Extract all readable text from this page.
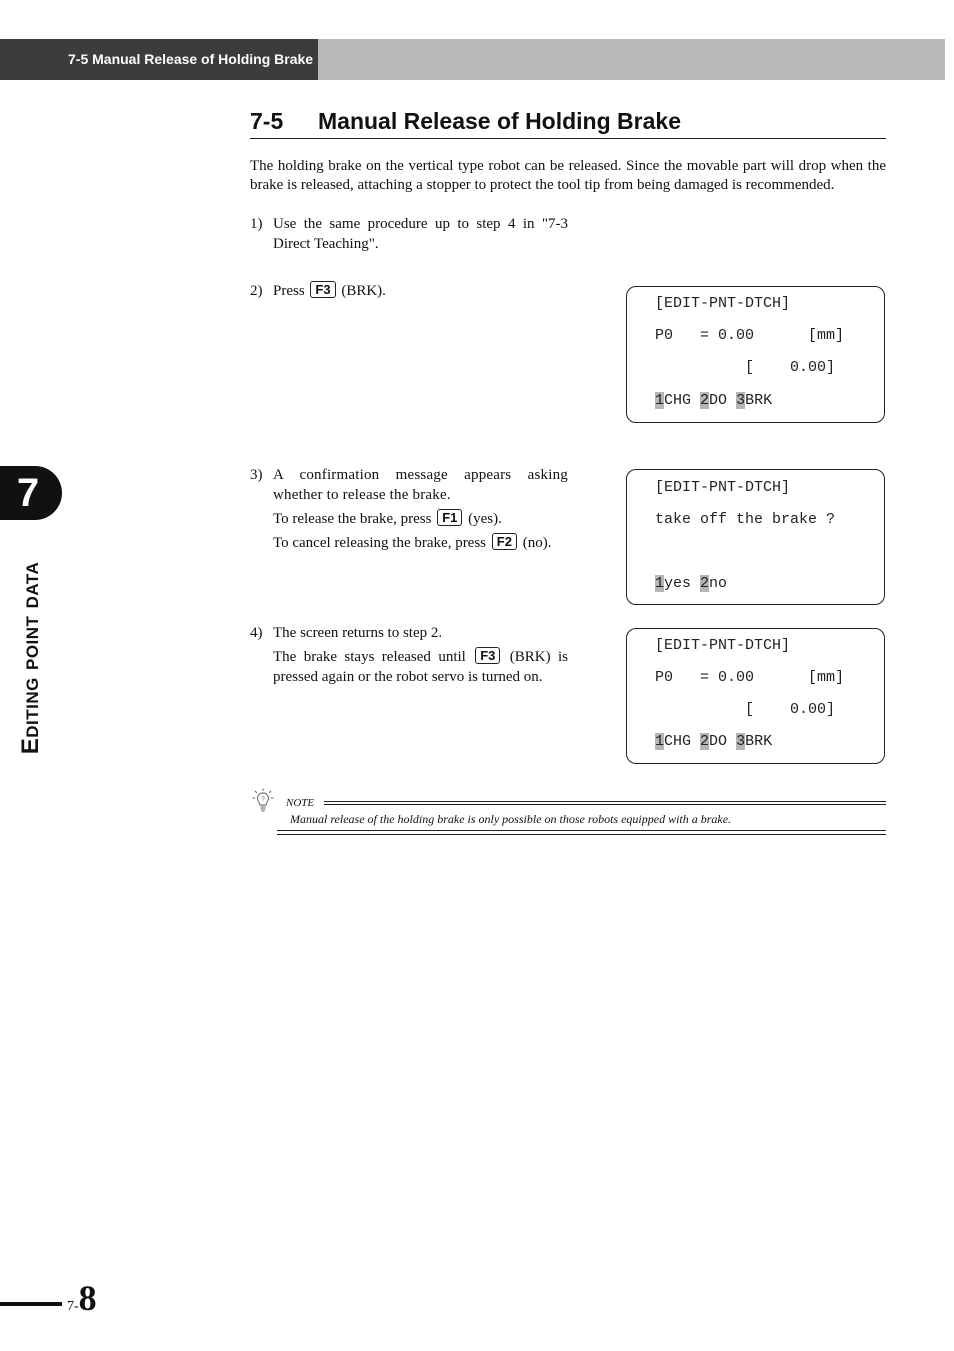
7-5 Manual Release of Holding Brake
7-5 Manual Release of Holding Brake
The holding brake on the vertical type robot can be released. Since the movable part will drop when the brake is released, attaching a stopper to protect the tool tip from being damaged is recommended.
1) Use the same procedure up to step 4 in "7-3 Direct Teaching".
2) Press F3 (BRK).
[EDIT-PNT-DTCH]
P0   = 0.00      [mm]
[    0.00]
1CHG 2DO 3BRK
3) A confirmation message appears asking whether to release the brake.

To release the brake, press F1 (yes).

To cancel releasing the brake, press F2 (no).

[EDIT-PNT-DTCH]
take off the brake ?
1yes 2no
4) The screen returns to step 2.

The brake stays released until F3 (BRK) is pressed again or the robot servo is turned on.

[EDIT-PNT-DTCH]
P0   = 0.00      [mm]
[    0.00]
1CHG 2DO 3BRK
? NOTE
Manual release of the holding brake is only possible on those robots equipped with a brake.
7
Editing point data
7-8
